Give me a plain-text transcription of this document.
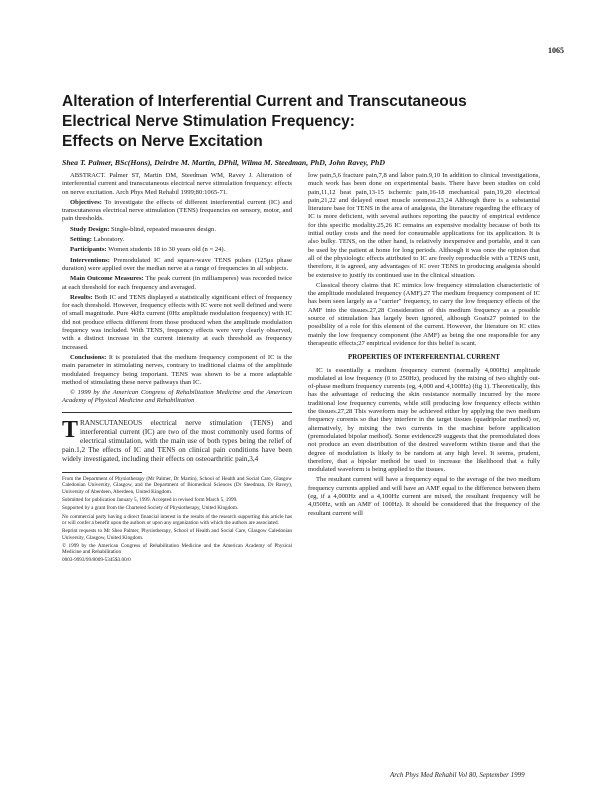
1065
Alteration of Interferential Current and Transcutaneous
Electrical Nerve Stimulation Frequency:
Effects on Nerve Excitation
Shea T. Palmer, BSc(Hons), Deirdre M. Martin, DPhil, Wilma M. Steedman, PhD, John Ravey, PhD

ABSTRACT. Palmer ST, Martin DM, Steedman WM, Ravey J. Alteration of interferential current and transcutaneous electrical nerve stimulation frequency: effects on nerve excitation. Arch Phys Med Rehabil 1999;80:1065-71.

Objectives: To investigate the effects of different interferential current (IC) and transcutaneous electrical nerve stimulation (TENS) frequencies on sensory, motor, and pain thresholds.

Study Design: Single-blind, repeated measures design.

Setting: Laboratory.

Participants: Women students 18 to 30 years old (n = 24).

Interventions: Premodulated IC and square-wave TENS pulses (125µs phase duration) were applied over the median nerve at a range of frequencies in all subjects.

Main Outcome Measures: The peak current (in milliamperes) was recorded twice at each threshold for each frequency and averaged.

Results: Both IC and TENS displayed a statistically significant effect of frequency for each threshold. However, frequency effects with IC were not well defined and were of small magnitude. Pure 4kHz current (0Hz amplitude modulation frequency) with IC did not produce effects different from those produced when the amplitude modulation frequency was included. With TENS, frequency effects were very clearly observed, with a distinct increase in the current intensity at each threshold as frequency increased.

Conclusions: It is postulated that the medium frequency component of IC is the main parameter in stimulating nerves, contrary to traditional claims of the amplitude modulated frequency being important. TENS was shown to be a more adaptable method of stimulating these nerve pathways than IC.

© 1999 by the American Congress of Rehabilitation Medicine and the American Academy of Physical Medicine and Rehabilitation

TRANSCUTANEOUS electrical nerve stimulation (TENS) and interferential current (IC) are two of the most commonly used forms of electrical stimulation, with the main use of both types being the relief of pain.1,2 The effects of IC and TENS on clinical pain conditions have been widely investigated, including their effects on osteoarthritic pain,3,4

From the Department of Physiotherapy (Mr Palmer, Dr Martin), School of Health and Social Care, Glasgow Caledonian University, Glasgow, and the Department of Biomedical Sciences (Dr Steedman, Dr Ravey), University of Aberdeen, Aberdeen, United Kingdom.

Submitted for publication January 5, 1999. Accepted in revised form March 5, 1999.

Supported by a grant from the Chartered Society of Physiotherapy, United Kingdom.

No commercial party having a direct financial interest in the results of the research supporting this article has or will confer a benefit upon the authors or upon any organization with which the authors are associated.

Reprint requests to Mr Shea Palmer, Physiotherapy, School of Health and Social Care, Glasgow Caledonian University, Glasgow, United Kingdom.

© 1999 by the American Congress of Rehabilitation Medicine and the American Academy of Physical Medicine and Rehabilitation

0003-9993/99/8009-5345$3.00/0

low pain,5,6 fracture pain,7,8 and labor pain.9,10 In addition to clinical investigations, much work has been done on experimental basis. There have been studies on cold pain,11,12 heat pain,13-15 ischemic pain,16-18 mechanical pain,19,20 electrical pain,21,22 and delayed onset muscle soreness.23,24 Although there is a substantial literature base for TENS in the area of analgesia, the literature regarding the efficacy of IC is more deficient, with several authors reporting the paucity of empirical evidence for this specific modality.25,26 IC remains an expensive modality because of both its initial outlay costs and the need for consumable applications for its application. It is also bulky. TENS, on the other hand, is relatively inexpensive and portable, and it can be used by the patient at home for long periods. Although it was once the opinion that all of the physiologic effects attributed to IC are freely reproducible with a TENS unit, therefore, it is agreed, any advantages of IC over TENS in producing analgesia should be extensive to justify its continued use in the clinical situation.

Classical theory claims that IC mimics low frequency stimulation characteristic of the amplitude modulated frequency (AMF).27 The medium frequency component of IC has been seen largely as a "carrier" frequency, to carry the low frequency effects of the AMF into the tissues.27,28 Consideration of this medium frequency as a possible source of stimulation has largely been ignored, although Goats27 pointed to the possibility of a role for this element of the current. However, the literature on IC cites mainly the low frequency component (the AMF) as being the one responsible for any therapeutic effects;27 empirical evidence for this belief is scant.

PROPERTIES OF INTERFERENTIAL CURRENT

IC is essentially a medium frequency current (normally 4,000Hz) amplitude modulated at low frequency (0 to 250Hz), produced by the mixing of two slightly out-of-phase medium frequency currents (eg, 4,000 and 4,100Hz) (fig 1). Theoretically, this has the advantage of reducing the skin resistance normally incurred by the more traditional low frequency currents, while still producing low frequency effects within the tissues.27,28 This waveform may be achieved either by applying the two medium frequency currents so that they interfere in the target tissues (quadripolar method) or, alternatively, by mixing the two currents in the machine before application (premodulated bipolar method). Some evidence29 suggests that the premodulated does not produce an even distribution of the desired waveform within tissue and that the degree of modulation is likely to be random at any high level. It seems, prudent, therefore, that a bipolar method be used to increase the likelihood that a fully modulated waveform is being applied to the tissues.

The resultant current will have a frequency equal to the average of the two medium frequency currents applied and will have an AMF equal to the difference between them (eg, if a 4,000Hz and a 4,100Hz current are mixed, the resultant frequency will be 4,050Hz, with an AMF of 100Hz). It should be considered that the frequency of the resultant current will

Arch Phys Med Rehabil Vol 80, September 1999
